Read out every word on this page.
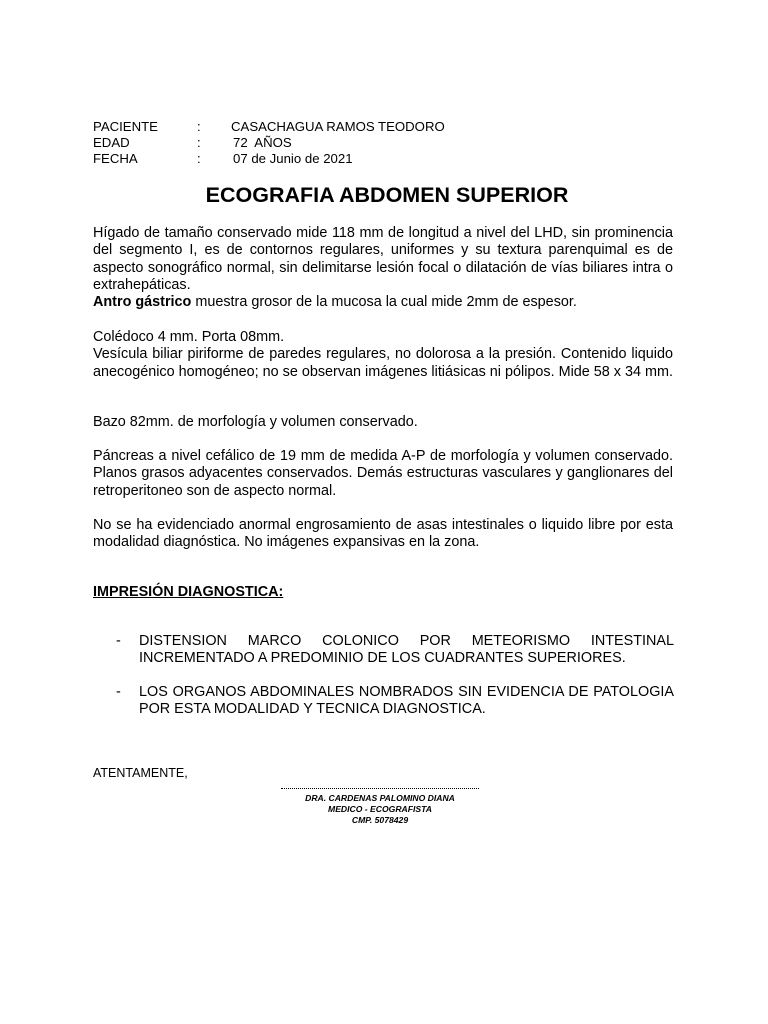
PACIENTE	:	CASACHAGUA RAMOS TEODORO
EDAD	:	72  AÑOS
FECHA	:	07 de Junio de 2021
ECOGRAFIA ABDOMEN SUPERIOR
Hígado de tamaño conservado mide 118 mm de longitud a nivel del LHD, sin prominencia del segmento I, es de contornos regulares, uniformes y su textura parenquimal es de aspecto sonográfico normal, sin delimitarse lesión focal o dilatación de vías biliares intra o extrahepáticas.
Antro gástrico muestra grosor de la mucosa la cual mide 2mm de espesor.
Colédoco 4 mm. Porta 08mm.
Vesícula biliar piriforme de paredes regulares, no dolorosa a la presión. Contenido liquido anecogénico homogéneo; no se observan imágenes litiásicas ni pólipos. Mide 58 x 34 mm.
Bazo 82mm. de morfología y volumen conservado.
Páncreas a nivel cefálico de 19 mm de medida A-P de morfología y volumen conservado. Planos grasos adyacentes conservados. Demás estructuras vasculares y ganglionares del retroperitoneo son de aspecto normal.
No se ha evidenciado anormal engrosamiento de asas intestinales o liquido libre por esta modalidad diagnóstica. No imágenes expansivas en la zona.
IMPRESIÓN DIAGNOSTICA:
-	DISTENSION MARCO COLONICO POR METEORISMO INTESTINAL INCREMENTADO A PREDOMINIO DE LOS CUADRANTES SUPERIORES.
-	LOS ORGANOS ABDOMINALES NOMBRADOS SIN EVIDENCIA DE PATOLOGIA POR ESTA MODALIDAD Y TECNICA DIAGNOSTICA.
ATENTAMENTE,
DRA. CARDENAS PALOMINO DIANA
MEDICO - ECOGRAFISTA
CMP. 5078429
